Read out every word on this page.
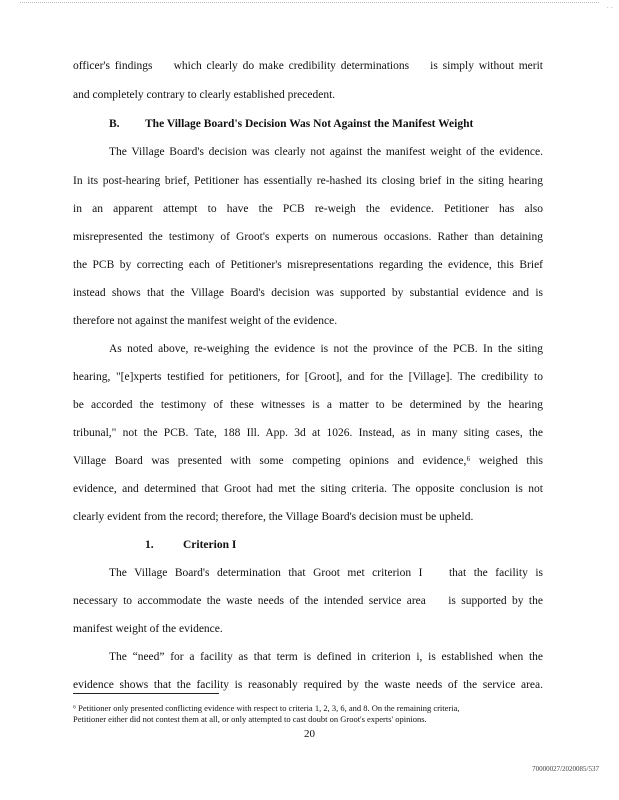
· ·

officer's findings   which clearly do make credibility determinations   is simply without merit

and completely contrary to clearly established precedent.

B. The Village Board's Decision Was Not Against the Manifest Weight

The Village Board's decision was clearly not against the manifest weight of the evidence.

In its post-hearing brief, Petitioner has essentially re-hashed its closing brief in the siting hearing

in an apparent attempt to have the PCB re-weigh the evidence. Petitioner has also

misrepresented the testimony of Groot's experts on numerous occasions. Rather than detaining

the PCB by correcting each of Petitioner's misrepresentations regarding the evidence, this Brief

instead shows that the Village Board's decision was supported by substantial evidence and is

therefore not against the manifest weight of the evidence.

As noted above, re-weighing the evidence is not the province of the PCB. In the siting

hearing, "[e]xperts testified for petitioners, for [Groot], and for the [Village]. The credibility to

be accorded the testimony of these witnesses is a matter to be determined by the hearing

tribunal," not the PCB. Tate, 188 Ill. App. 3d at 1026. Instead, as in many siting cases, the

Village Board was presented with some competing opinions and evidence,⁶ weighed this

evidence, and determined that Groot had met the siting criteria. The opposite conclusion is not

clearly evident from the record; therefore, the Village Board's decision must be upheld.

1.	Criterion I

The Village Board's determination that Groot met criterion I   that the facility is

necessary to accommodate the waste needs of the intended service area   is supported by the

manifest weight of the evidence.

The “need” for a facility as that term is defined in criterion i, is established when the

evidence shows that the facility is reasonably required by the waste needs of the service area.

⁶ Petitioner only presented conflicting evidence with respect to criteria 1, 2, 3, 6, and 8. On the remaining criteria,
Petitioner either did not contest them at all, or only attempted to cast doubt on Groot's experts' opinions.

20
70000027/2020085/537
